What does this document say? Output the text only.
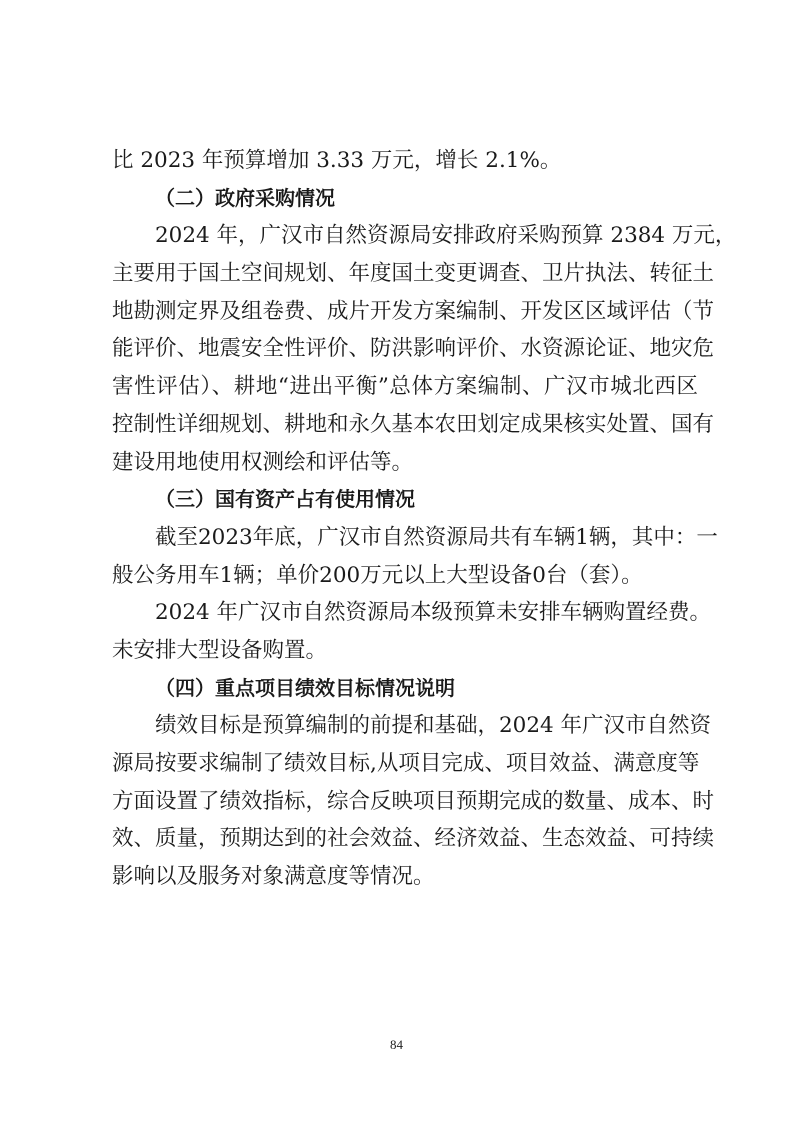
比 2023 年预算增加 3.33 万元，增长 2.1%。
（二）政府采购情况
2024 年，广汉市自然资源局安排政府采购预算 2384 万元，
主要用于国土空间规划、年度国土变更调查、卫片执法、转征土
地勘测定界及组卷费、成片开发方案编制、开发区区域评估（节
能评价、地震安全性评价、防洪影响评价、水资源论证、地灾危
害性评估）、耕地“进出平衡”总体方案编制、广汉市城北西区
控制性详细规划、耕地和永久基本农田划定成果核实处置、国有
建设用地使用权测绘和评估等。
（三）国有资产占有使用情况
截至2023年底，广汉市自然资源局共有车辆1辆，其中：一
般公务用车1辆；单价200万元以上大型设备0台（套）。
2024 年广汉市自然资源局本级预算未安排车辆购置经费。
未安排大型设备购置。
（四）重点项目绩效目标情况说明
绩效目标是预算编制的前提和基础，2024 年广汉市自然资
源局按要求编制了绩效目标,从项目完成、项目效益、满意度等
方面设置了绩效指标，综合反映项目预期完成的数量、成本、时
效、质量，预期达到的社会效益、经济效益、生态效益、可持续
影响以及服务对象满意度等情况。
84
